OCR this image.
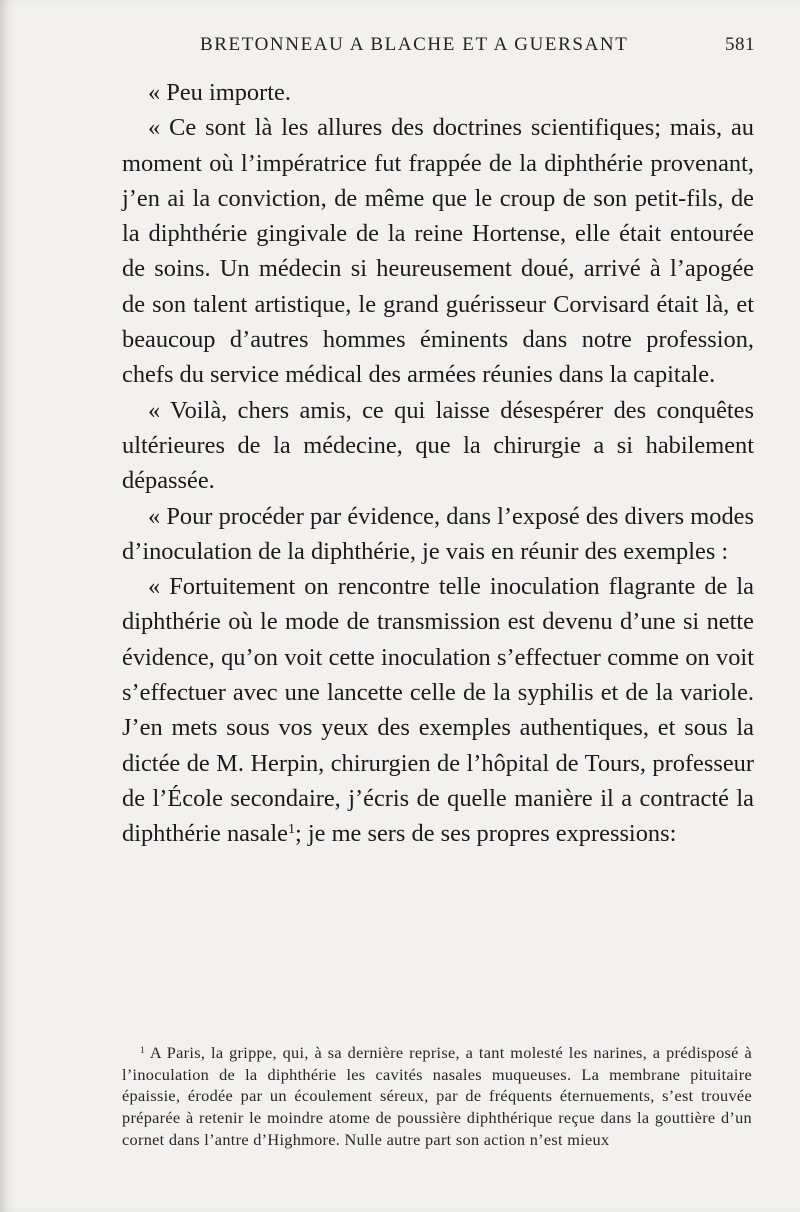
BRETONNEAU A BLACHE ET A GUERSANT	581

« Peu importe.

« Ce sont là les allures des doctrines scientifiques; mais, au moment où l’impératrice fut frappée de la diphthérie provenant, j’en ai la conviction, de même que le croup de son petit-fils, de la diphthérie gingivale de la reine Hortense, elle était entourée de soins. Un médecin si heureusement doué, arrivé à l’apogée de son talent artistique, le grand guérisseur Corvisard était là, et beaucoup d’autres hommes éminents dans notre profession, chefs du service médical des armées réunies dans la capitale.

« Voilà, chers amis, ce qui laisse désespérer des conquêtes ultérieures de la médecine, que la chirurgie a si habilement dépassée.

« Pour procéder par évidence, dans l’exposé des divers modes d’inoculation de la diphthérie, je vais en réunir des exemples :

« Fortuitement on rencontre telle inoculation flagrante de la diphthérie où le mode de transmission est devenu d’une si nette évidence, qu’on voit cette inoculation s’effectuer comme on voit s’effectuer avec une lancette celle de la syphilis et de la variole. J’en mets sous vos yeux des exemples authentiques, et sous la dictée de M. Herpin, chirurgien de l’hôpital de Tours, professeur de l’École secondaire, j’écris de quelle manière il a contracté la diphthérie nasale$^1$; je me sers de ses propres expressions:

$^1$ A Paris, la grippe, qui, à sa dernière reprise, a tant molesté les narines, a prédisposé à l’inoculation de la diphthérie les cavités nasales muqueuses. La membrane pituitaire épaissie, érodée par un écoulement séreux, par de fréquents éternuements, s’est trouvée préparée à retenir le moindre atome de poussière diphthérique reçue dans la gouttière d’un cornet dans l’antre d’Highmore. Nulle autre part son action n’est mieux
